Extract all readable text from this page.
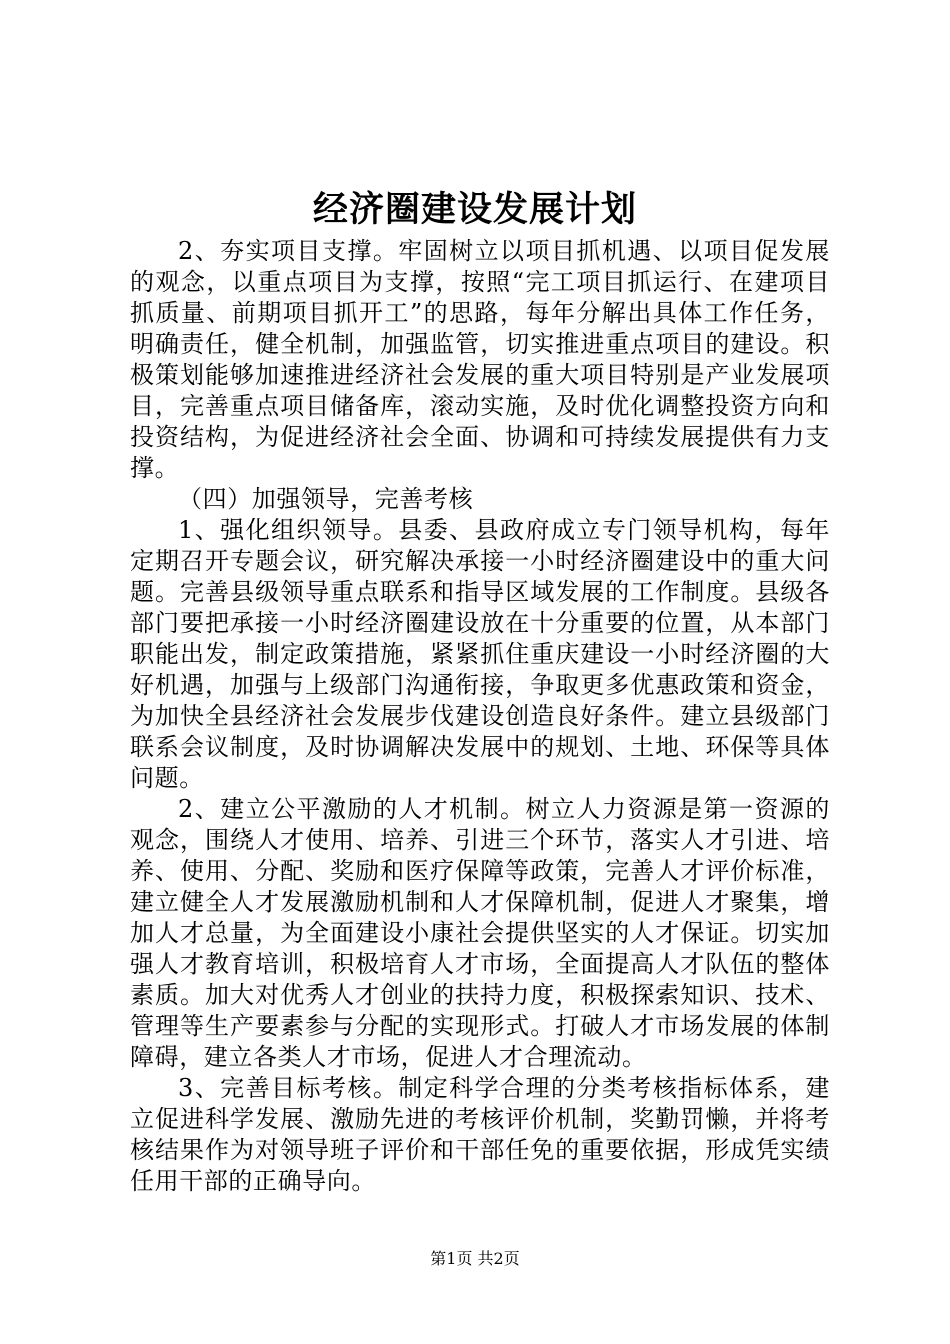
经济圈建设发展计划

2、夯实项目支撑。牢固树立以项目抓机遇、以项目促发展的观念，以重点项目为支撑，按照“完工项目抓运行、在建项目抓质量、前期项目抓开工”的思路，每年分解出具体工作任务，明确责任，健全机制，加强监管，切实推进重点项目的建设。积极策划能够加速推进经济社会发展的重大项目特别是产业发展项目，完善重点项目储备库，滚动实施，及时优化调整投资方向和投资结构，为促进经济社会全面、协调和可持续发展提供有力支撑。

（四）加强领导，完善考核

1、强化组织领导。县委、县政府成立专门领导机构，每年定期召开专题会议，研究解决承接一小时经济圈建设中的重大问题。完善县级领导重点联系和指导区域发展的工作制度。县级各部门要把承接一小时经济圈建设放在十分重要的位置，从本部门职能出发，制定政策措施，紧紧抓住重庆建设一小时经济圈的大好机遇，加强与上级部门沟通衔接，争取更多优惠政策和资金，为加快全县经济社会发展步伐建设创造良好条件。建立县级部门联系会议制度，及时协调解决发展中的规划、土地、环保等具体问题。

2、建立公平激励的人才机制。树立人力资源是第一资源的观念，围绕人才使用、培养、引进三个环节，落实人才引进、培养、使用、分配、奖励和医疗保障等政策，完善人才评价标准，建立健全人才发展激励机制和人才保障机制，促进人才聚集，增加人才总量，为全面建设小康社会提供坚实的人才保证。切实加强人才教育培训，积极培育人才市场，全面提高人才队伍的整体素质。加大对优秀人才创业的扶持力度，积极探索知识、技术、管理等生产要素参与分配的实现形式。打破人才市场发展的体制障碍，建立各类人才市场，促进人才合理流动。

3、完善目标考核。制定科学合理的分类考核指标体系，建立促进科学发展、激励先进的考核评价机制，奖勤罚懒，并将考核结果作为对领导班子评价和干部任免的重要依据，形成凭实绩任用干部的正确导向。

第1页 共2页
